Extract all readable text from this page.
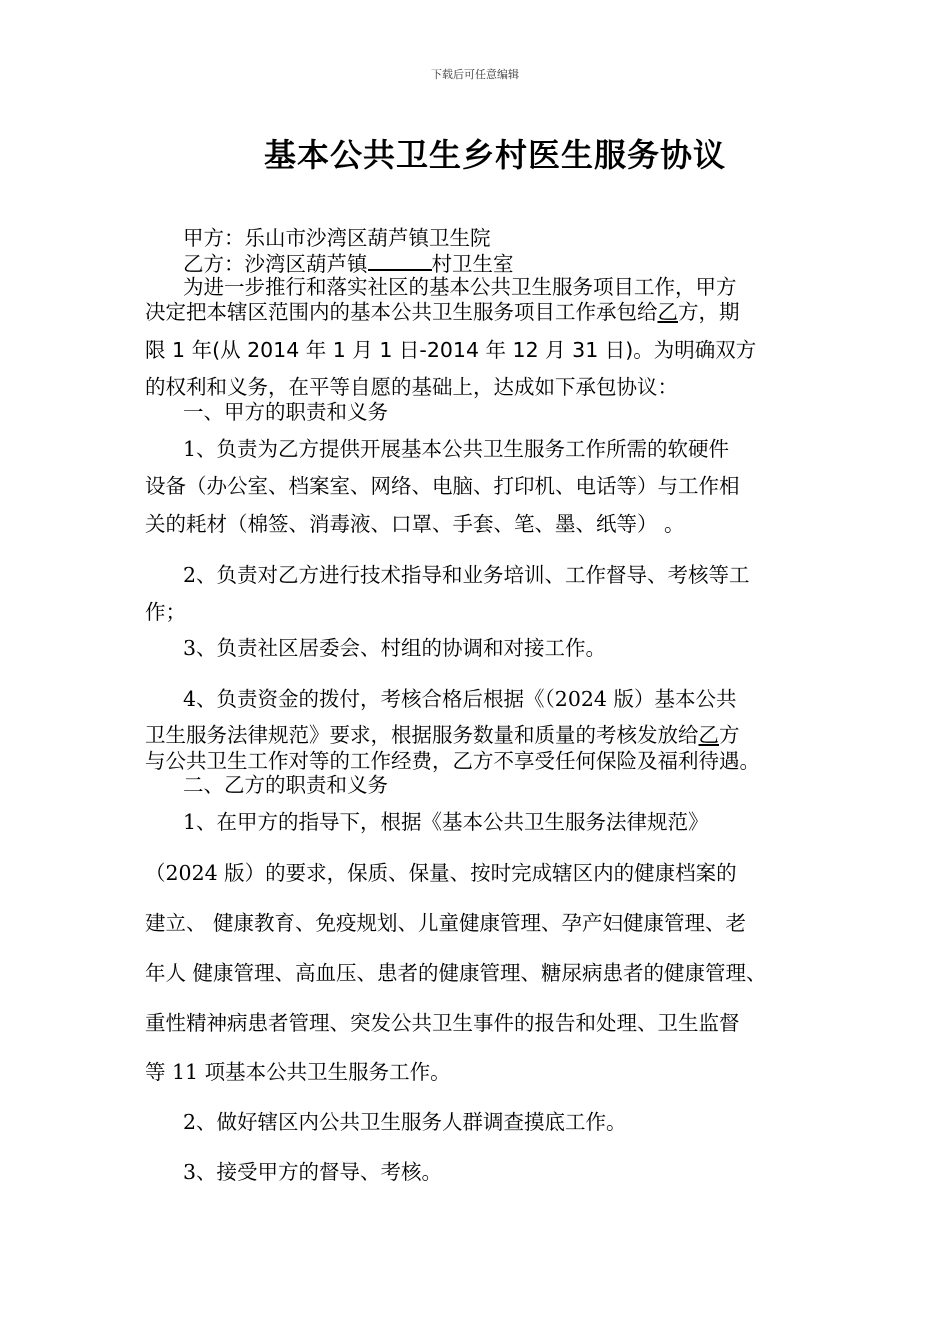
下载后可任意编辑
基本公共卫生乡村医生服务协议
甲方：乐山市沙湾区葫芦镇卫生院
乙方：沙湾区葫芦镇	村卫生室
为进一步推行和落实社区的基本公共卫生服务项目工作，甲方
决定把本辖区范围内的基本公共卫生服务项目工作承包给乙方，期
限 1 年(从 2014 年 1 月 1 日-2014 年 12 月 31 日)。为明确双方
的权利和义务，在平等自愿的基础上，达成如下承包协议：
一、甲方的职责和义务
1、负责为乙方提供开展基本公共卫生服务工作所需的软硬件
设备（办公室、档案室、网络、电脑、打印机、电话等）与工作相
关的耗材（棉签、消毒液、口罩、手套、笔、墨、纸等） 。
2、负责对乙方进行技术指导和业务培训、工作督导、考核等工
作；
3、负责社区居委会、村组的协调和对接工作。
4、负责资金的拨付，考核合格后根据《（2024 版）基本公共
卫生服务法律规范》要求，根据服务数量和质量的考核发放给乙方
与公共卫生工作对等的工作经费，乙方不享受任何保险及福利待遇。
二、乙方的职责和义务
1、在甲方的指导下，根据《基本公共卫生服务法律规范》
（2024 版）的要求，保质、保量、按时完成辖区内的健康档案的
建立、 健康教育、免疫规划、儿童健康管理、孕产妇健康管理、老
年人 健康管理、高血压、患者的健康管理、糖尿病患者的健康管理、
重性精神病患者管理、突发公共卫生事件的报告和处理、卫生监督
等 11 项基本公共卫生服务工作。
2、做好辖区内公共卫生服务人群调查摸底工作。
3、接受甲方的督导、考核。
